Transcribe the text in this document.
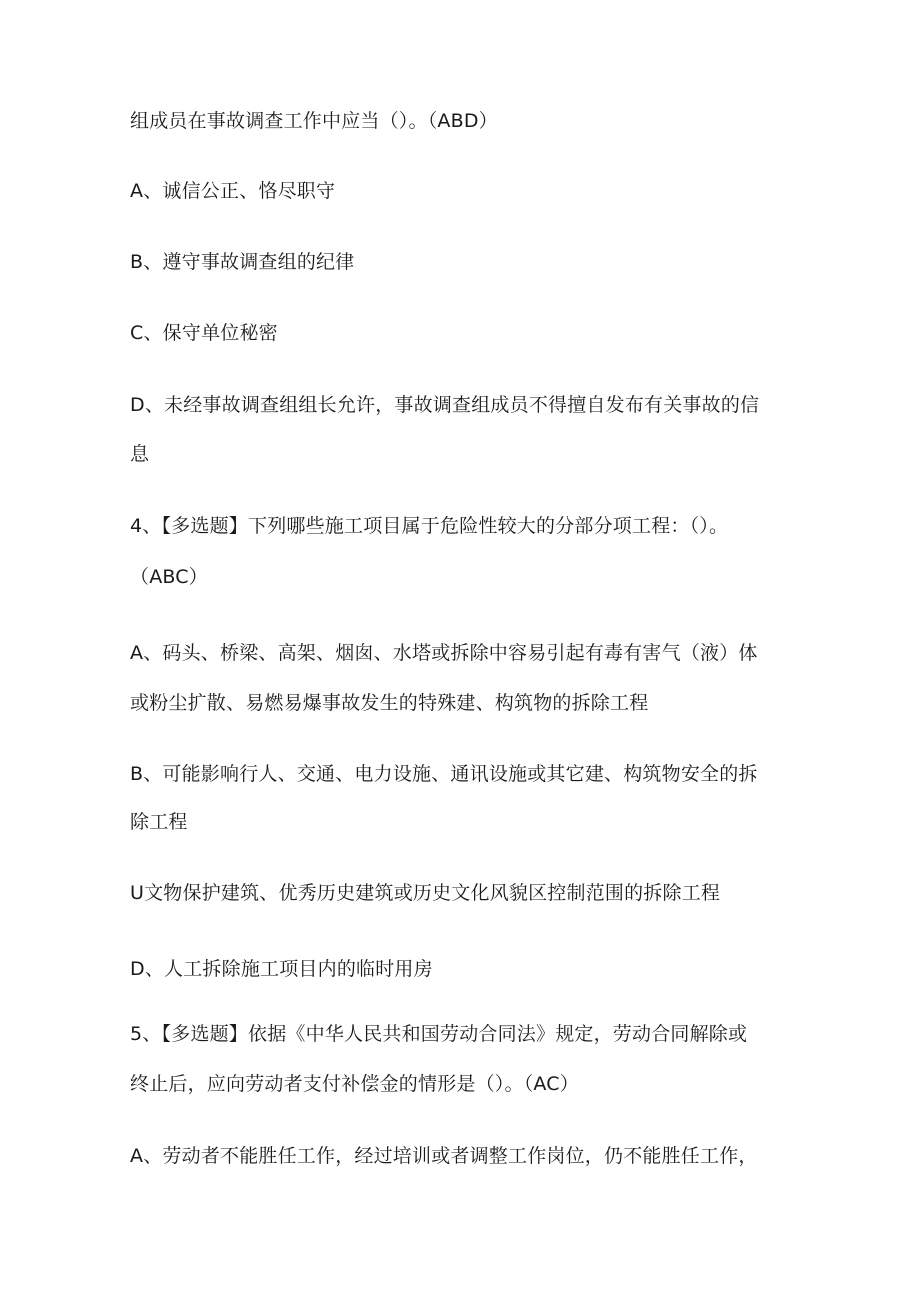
组成员在事故调查工作中应当（）。（ABD）
A、诚信公正、恪尽职守
B、遵守事故调查组的纪律
C、保守单位秘密
D、未经事故调查组组长允许，事故调查组成员不得擅自发布有关事故的信
息
4、【多选题】下列哪些施工项目属于危险性较大的分部分项工程：（）。
（ABC）
A、码头、桥梁、高架、烟囱、水塔或拆除中容易引起有毒有害气（液）体
或粉尘扩散、易燃易爆事故发生的特殊建、构筑物的拆除工程
B、可能影响行人、交通、电力设施、通讯设施或其它建、构筑物安全的拆
除工程
U文物保护建筑、优秀历史建筑或历史文化风貌区控制范围的拆除工程
D、人工拆除施工项目内的临时用房
5、【多选题】依据《中华人民共和国劳动合同法》规定，劳动合同解除或
终止后，应向劳动者支付补偿金的情形是（）。（AC）
A、劳动者不能胜任工作，经过培训或者调整工作岗位，仍不能胜任工作，
